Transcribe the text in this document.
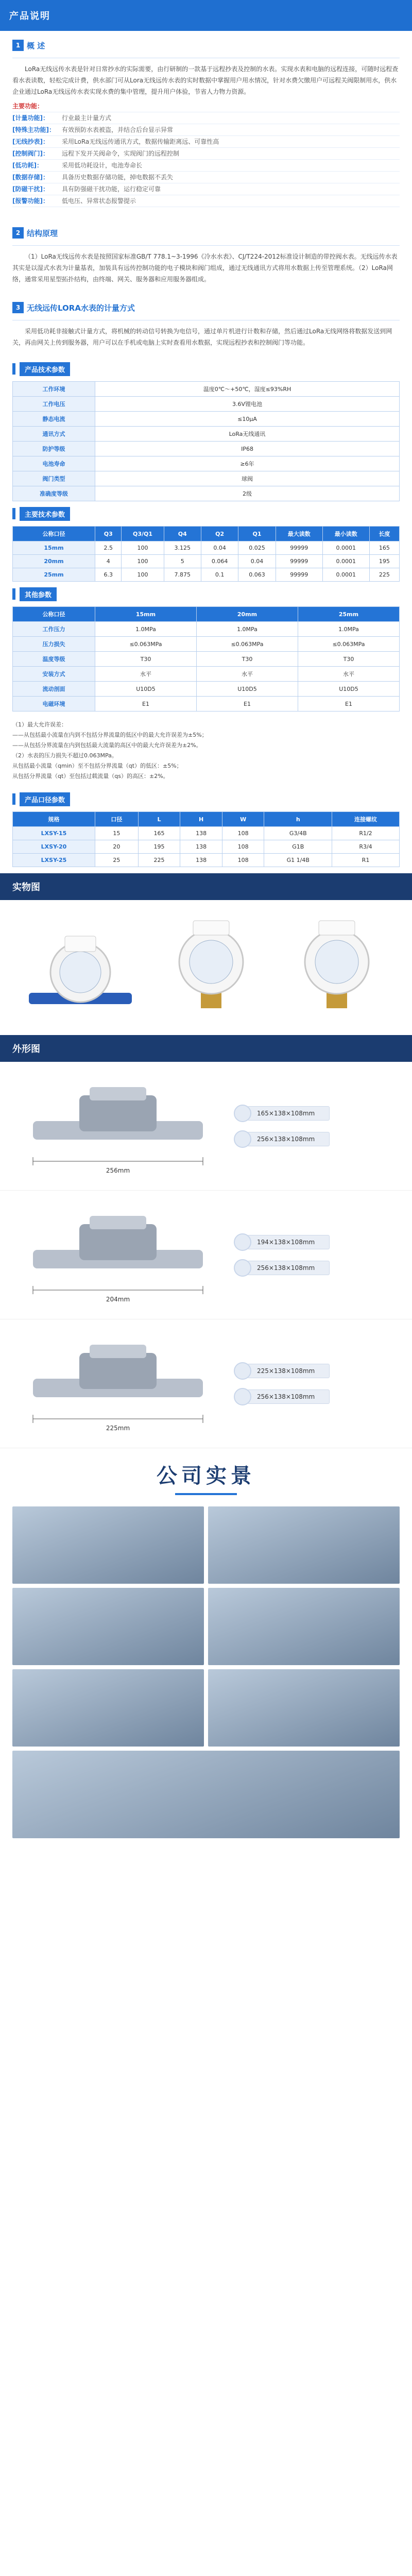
产品说明
1 概 述

LoRa无线远传水表是针对日常抄水的实际需要，由行研制的一款基于远程抄表及控制的水表。实现水表和电脑的远程连接，可随时远程查看水表读数，轻松完成计费，供水部门可从Lora无线远传水表的实时数据中掌握用户用水情况，针对水费欠缴用户可远程关阀限制用水，供水企业通过LoRa无线远传水表实现水费的集中管理，提升用户体验，节省人力物力资源。

主要功能：
[计量功能]：	行业最主计量方式
[特殊主功能]：	有效预防水表被盗，并结合后台显示异常
[无线抄表]：	采用LoRa无线远传通讯方式，数据传输距离远、可靠性高
[控制阀门]：	远程下发开关阀命令，实现阀门的远程控制
[低功耗]：	采用低功耗设计，电池寿命长
[数据存储]：	具备历史数据存储功能，掉电数据不丢失
[防磁干扰]：	具有防强磁干扰功能，运行稳定可靠
[报警功能]：	低电压、异常状态报警提示
2 结构原理

（1）LoRa无线远传水表是按照国家标准GB/T 778.1~3-1996《冷水水表》、CJ/T224-2012标准设计制造的带控阀水表。无线远传水表其实是以湿式水表为计量基表，加装具有远传控制功能的电子模块和阀门组成，通过无线通讯方式将用水数据上传至管理系统。（2）LoRa网络，通常采用星型拓扑结构，由终端、网关、服务器和应用服务器组成。

3 无线远传LORA水表的计量方式

采用低功耗非接触式计量方式，将机械的转动信号转换为电信号，通过单片机进行计数和存储，然后通过LoRa无线网络将数据发送到网关，再由网关上传到服务器，用户可以在手机或电脑上实时查看用水数据，实现远程抄表和控制阀门等功能。

产品技术参数
工作环境	温度0℃～+50℃，湿度≤93%RH
工作电压	3.6V锂电池
静态电流	≤10μA
通讯方式	LoRa无线通讯
防护等级	IP68
电池寿命	≥6年
阀门类型	球阀
准确度等级	2级
主要技术参数
公称口径	Q3	Q3/Q1	Q4	Q2	Q1	最大读数	最小读数	长度
15mm	2.5	100	3.125	0.04	0.025	99999	0.0001	165
20mm	4	100	5	0.064	0.04	99999	0.0001	195
25mm	6.3	100	7.875	0.1	0.063	99999	0.0001	225
其他参数
公称口径	15mm	20mm	25mm
工作压力	1.0MPa	1.0MPa	1.0MPa
压力损失	≤0.063MPa	≤0.063MPa	≤0.063MPa
温度等级	T30	T30	T30
安装方式	水平	水平	水平
流动剖面	U10D5	U10D5	U10D5
电磁环境	E1	E1	E1
（1）最大允许误差：
——从包括最小流量在内到不包括分界流量的低区中的最大允许误差为±5%；
——从包括分界流量在内到包括最大流量的高区中的最大允许误差为±2%。
（2）水表的压力损失不超过0.063MPa。
从包括最小流量（qmin）至不包括分界流量（qt）的低区：±5%；
从包括分界流量（qt）至包括过载流量（qs）的高区：±2%。
产品口径参数
规格	口径	L	H	W	h	连接螺纹
LXSY-15	15	165	138	108	G3/4B	R1/2
LXSY-20	20	195	138	108	G1B	R3/4
LXSY-25	25	225	138	108	G1 1/4B	R1
实物图
外形图
256mm
165×138×108mm
256×138×108mm
204mm
194×138×108mm
256×138×108mm
225mm
225×138×108mm
256×138×108mm
公司实景
